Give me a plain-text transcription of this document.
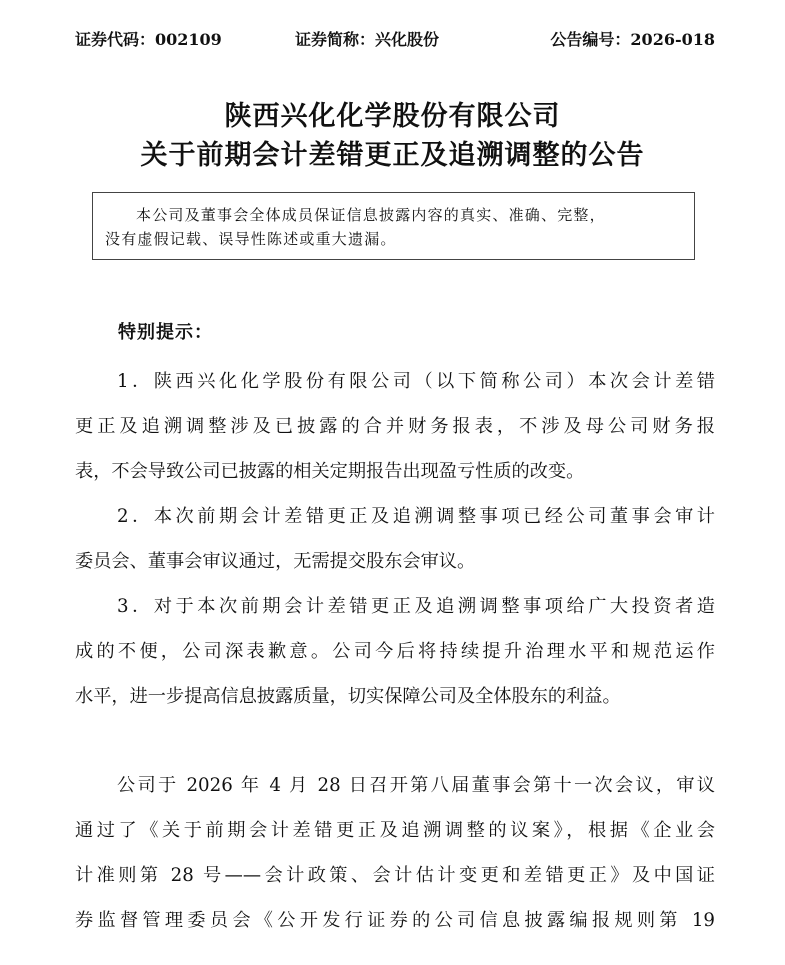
证券代码：002109	证券简称：兴化股份	公告编号：2026-018
陕西兴化化学股份有限公司
关于前期会计差错更正及追溯调整的公告

本公司及董事会全体成员保证信息披露内容的真实、准确、完整，

没有虚假记载、误导性陈述或重大遗漏。

特别提示：
1．陕西兴化化学股份有限公司（以下简称公司）本次会计差错
更正及追溯调整涉及已披露的合并财务报表，不涉及母公司财务报
表，不会导致公司已披露的相关定期报告出现盈亏性质的改变。
2．本次前期会计差错更正及追溯调整事项已经公司董事会审计
委员会、董事会审议通过，无需提交股东会审议。
3．对于本次前期会计差错更正及追溯调整事项给广大投资者造
成的不便，公司深表歉意。公司今后将持续提升治理水平和规范运作
水平，进一步提高信息披露质量，切实保障公司及全体股东的利益。
公司于 2026 年 4 月 28 日召开第八届董事会第十一次会议，审议
通过了《关于前期会计差错更正及追溯调整的议案》，根据《企业会
计准则第 28 号——会计政策、会计估计变更和差错更正》及中国证
券监督管理委员会《公开发行证券的公司信息披露编报规则第 19
